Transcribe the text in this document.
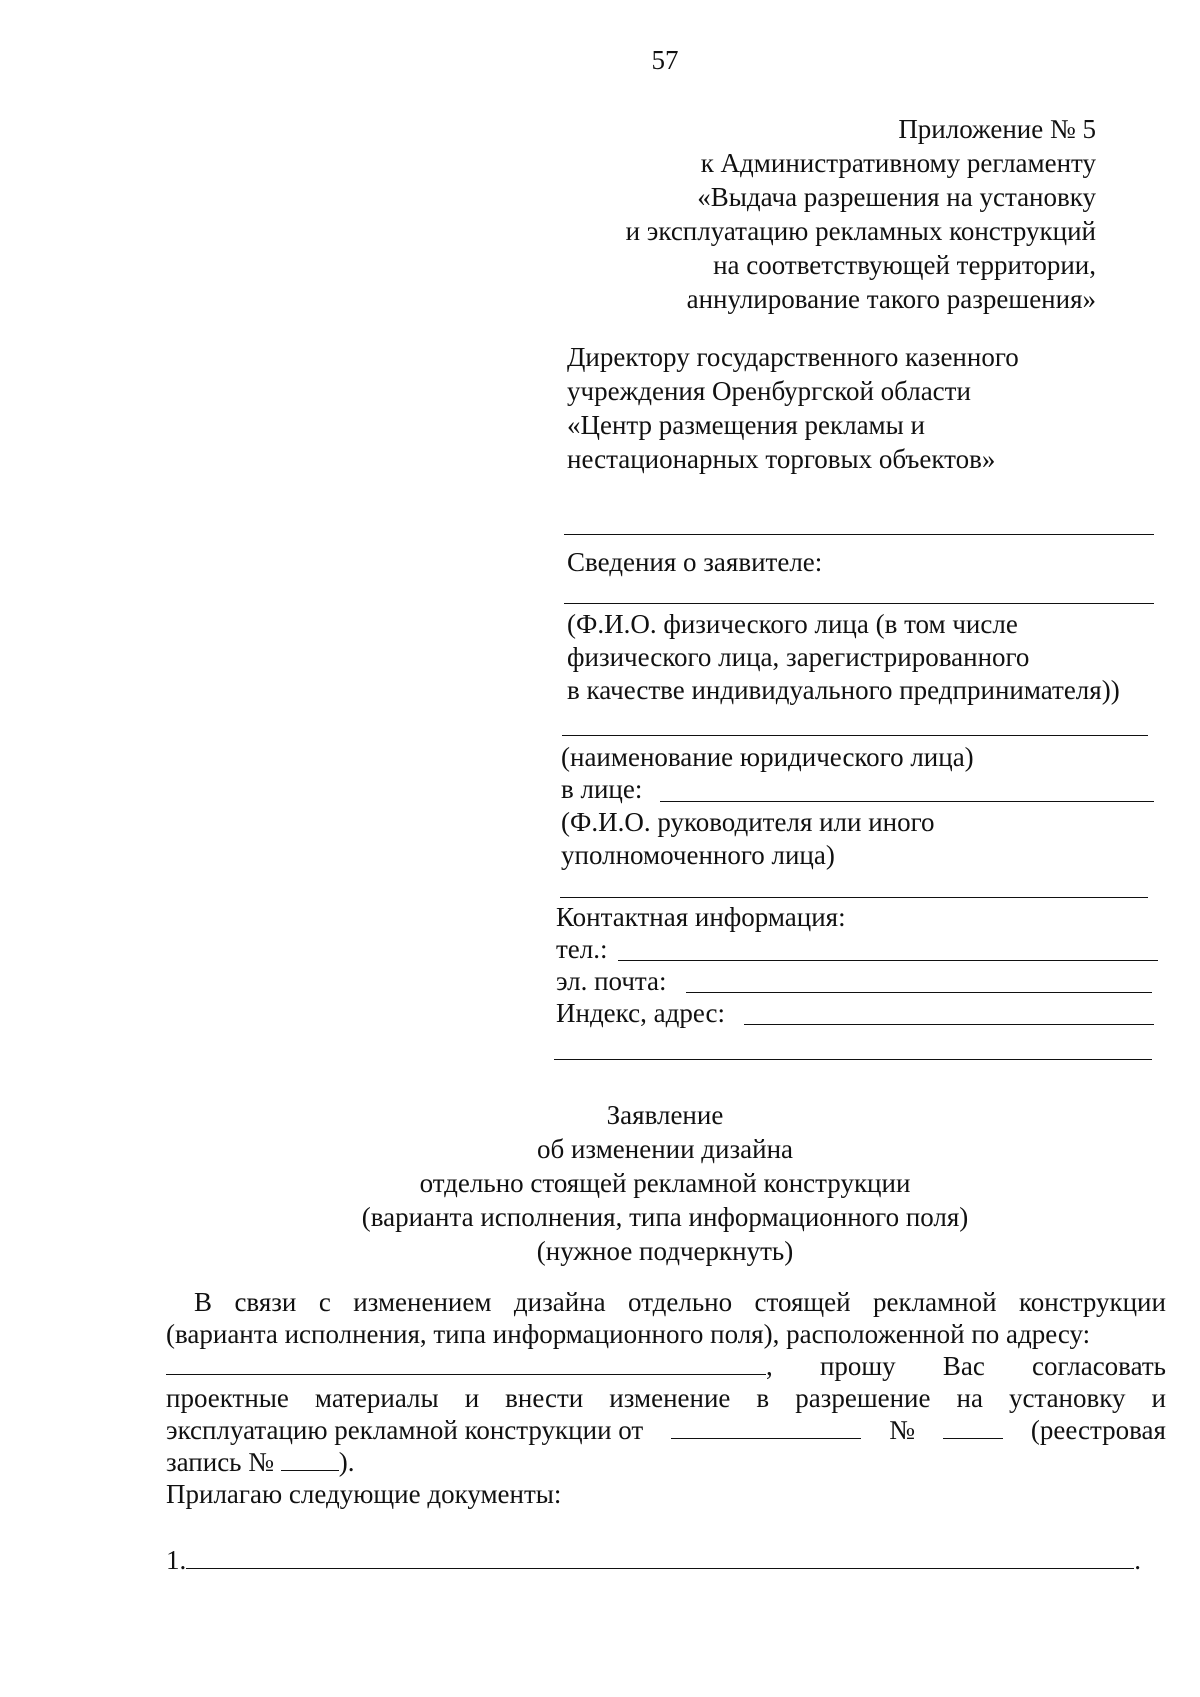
57
Приложение № 5
к Административному регламенту
«Выдача разрешения на установку
и эксплуатацию рекламных конструкций
на соответствующей территории,
аннулирование такого разрешения»
Директору государственного казенного
учреждения Оренбургской области
«Центр размещения рекламы и
нестационарных торговых объектов»
Сведения о заявителе:
(Ф.И.О. физического лица (в том числе
физического лица, зарегистрированного
в качестве индивидуального предпринимателя))
(наименование юридического лица)
в лице:
(Ф.И.О. руководителя или иного
уполномоченного лица)
Контактная информация:
тел.:
эл. почта:
Индекс, адрес:
Заявление
об изменении дизайна
отдельно стоящей рекламной конструкции
(варианта исполнения, типа информационного поля)
(нужное подчеркнуть)
В связи с изменением дизайна отдельно стоящей рекламной конструкции
(варианта исполнения, типа информационного поля), расположенной по адресу:
, прошу Вас согласовать
проектные материалы и внести изменение в разрешение на установку и
эксплуатацию рекламной конструкции от	№	(реестровая
запись № ).
Прилагаю следующие документы:
1.	.
